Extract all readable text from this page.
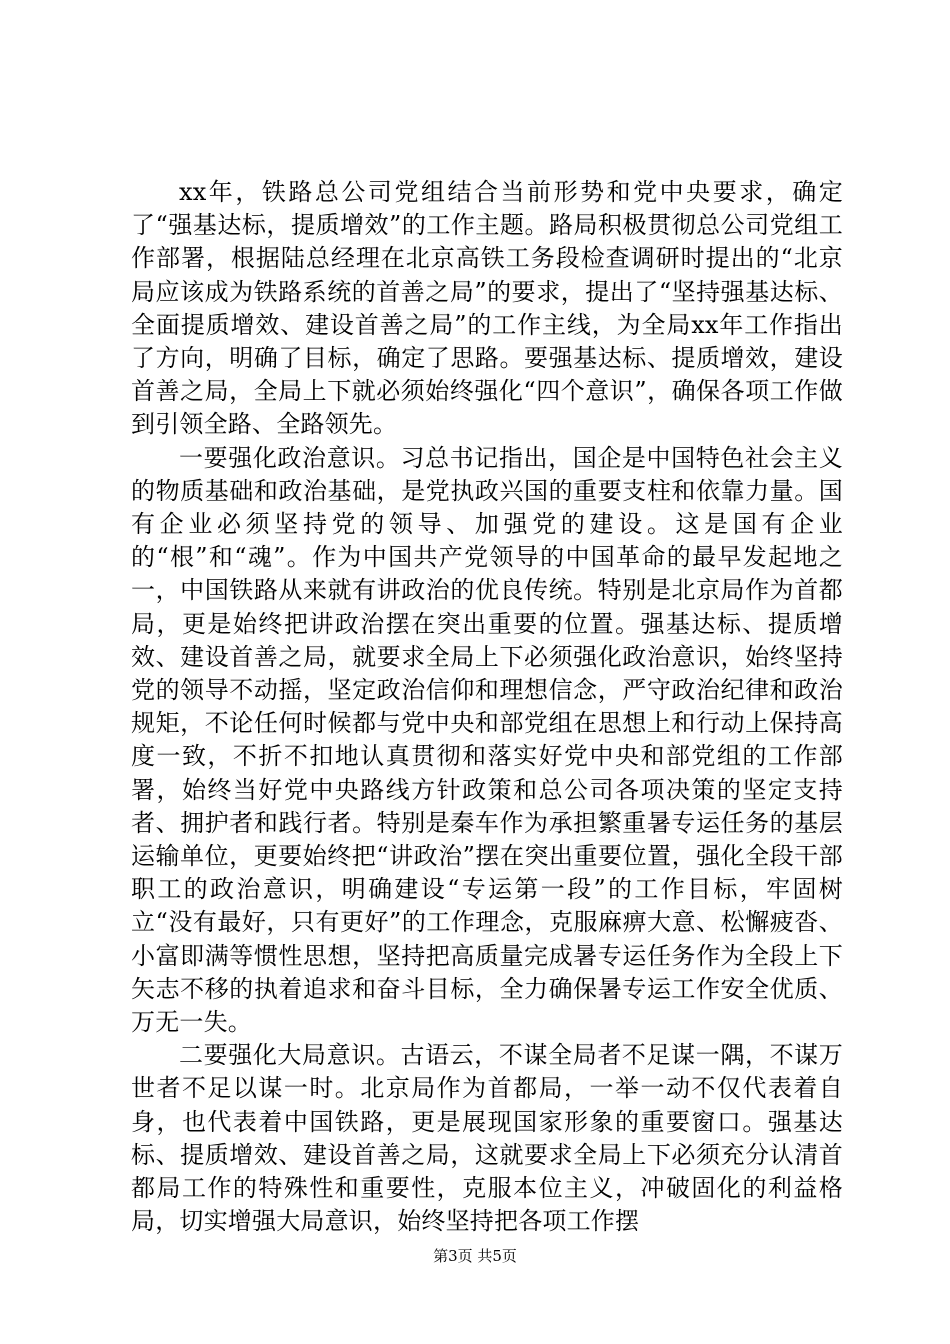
xx年，铁路总公司党组结合当前形势和党中央要求，确定了“强基达标，提质增效”的工作主题。路局积极贯彻总公司党组工作部署，根据陆总经理在北京高铁工务段检查调研时提出的“北京局应该成为铁路系统的首善之局”的要求，提出了“坚持强基达标、全面提质增效、建设首善之局”的工作主线，为全局xx年工作指出了方向，明确了目标，确定了思路。要强基达标、提质增效，建设首善之局，全局上下就必须始终强化“四个意识”，确保各项工作做到引领全路、全路领先。

一要强化政治意识。习总书记指出，国企是中国特色社会主义的物质基础和政治基础，是党执政兴国的重要支柱和依靠力量。国有企业必须坚持党的领导、加强党的建设。这是国有企业的“根”和“魂”。作为中国共产党领导的中国革命的最早发起地之一，中国铁路从来就有讲政治的优良传统。特别是北京局作为首都局，更是始终把讲政治摆在突出重要的位置。强基达标、提质增效、建设首善之局，就要求全局上下必须强化政治意识，始终坚持党的领导不动摇，坚定政治信仰和理想信念，严守政治纪律和政治规矩，不论任何时候都与党中央和部党组在思想上和行动上保持高度一致，不折不扣地认真贯彻和落实好党中央和部党组的工作部署，始终当好党中央路线方针政策和总公司各项决策的坚定支持者、拥护者和践行者。特别是秦车作为承担繁重暑专运任务的基层运输单位，更要始终把“讲政治”摆在突出重要位置，强化全段干部职工的政治意识，明确建设“专运第一段”的工作目标，牢固树立“没有最好，只有更好”的工作理念，克服麻痹大意、松懈疲沓、小富即满等惯性思想，坚持把高质量完成暑专运任务作为全段上下矢志不移的执着追求和奋斗目标，全力确保暑专运工作安全优质、万无一失。

二要强化大局意识。古语云，不谋全局者不足谋一隅，不谋万世者不足以谋一时。北京局作为首都局，一举一动不仅代表着自身，也代表着中国铁路，更是展现国家形象的重要窗口。强基达标、提质增效、建设首善之局，这就要求全局上下必须充分认清首都局工作的特殊性和重要性，克服本位主义，冲破固化的利益格局，切实增强大局意识，始终坚持把各项工作摆

第3页 共5页
